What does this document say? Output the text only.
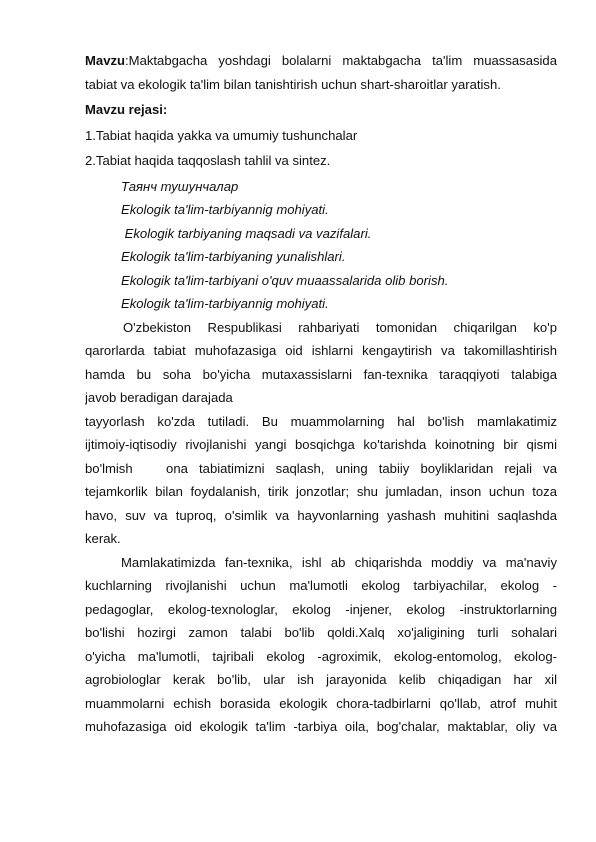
Mavzu:Maktabgacha yoshdagi bolalarni maktabgacha ta'lim muassasasida
tabiat va ekologik ta'lim bilan tanishtirish uchun shart-sharoitlar yaratish.
Mavzu rejasi:
1.Tabiat haqida yakka va umumiy tushunchalar
2.Tabiat haqida taqqoslash tahlil va sintez.
Таянч тушунчалар
Ekologik ta'lim-tarbiyannig mohiyati.
Ekologik tarbiyaning maqsadi va vazifalari.
Ekologik ta'lim-tarbiyaning yunalishlari.
Ekologik ta'lim-tarbiyani o'quv muaassalarida olib borish.
Ekologik ta'lim-tarbiyannig mohiyati.
O'zbekiston Respublikasi rahbariyati tomonidan chiqarilgan ko'p
qarorlarda tabiat muhofazasiga oid ishlarni kengaytirish va takomillashtirish
hamda bu soha bo'yicha mutaxassislarni fan-texnika taraqqiyoti talabiga
javob beradigan darajada
tayyorlash ko'zda tutiladi. Bu muammolarning hal bo'lish mamlakatimiz
ijtimoiy-iqtisodiy rivojlanishi yangi bosqichga ko'tarishda koinotning bir qismi
bo'lmish   ona tabiatimizni saqlash, uning tabiiy boyliklaridan rejali va
tejamkorlik bilan foydalanish, tirik jonzotlar; shu jumladan, inson uchun toza
havo, suv va tuproq, o'simlik va hayvonlarning yashash muhitini saqlashda
kerak.
Mamlakatimizda fan-texnika, ishl ab chiqarishda moddiy va ma'naviy
kuchlarning rivojlanishi uchun ma'lumotli ekolog tarbiyachilar, ekolog -
pedagoglar, ekolog-texnologlar, ekolog -injener, ekolog -instruktorlarning
bo'lishi hozirgi zamon talabi bo'lib qoldi.Xalq xo'jaligining turli sohalari
o'yicha ma'lumotli, tajribali ekolog -agroximik, ekolog-entomolog, ekolog-
agrobiologlar kerak bo'lib, ular ish jarayonida kelib chiqadigan har xil
muammolarni echish borasida ekologik chora-tadbirlarni qo'llab, atrof muhit
muhofazasiga oid ekologik ta'lim -tarbiya oila, bog'chalar, maktablar, oliy va
